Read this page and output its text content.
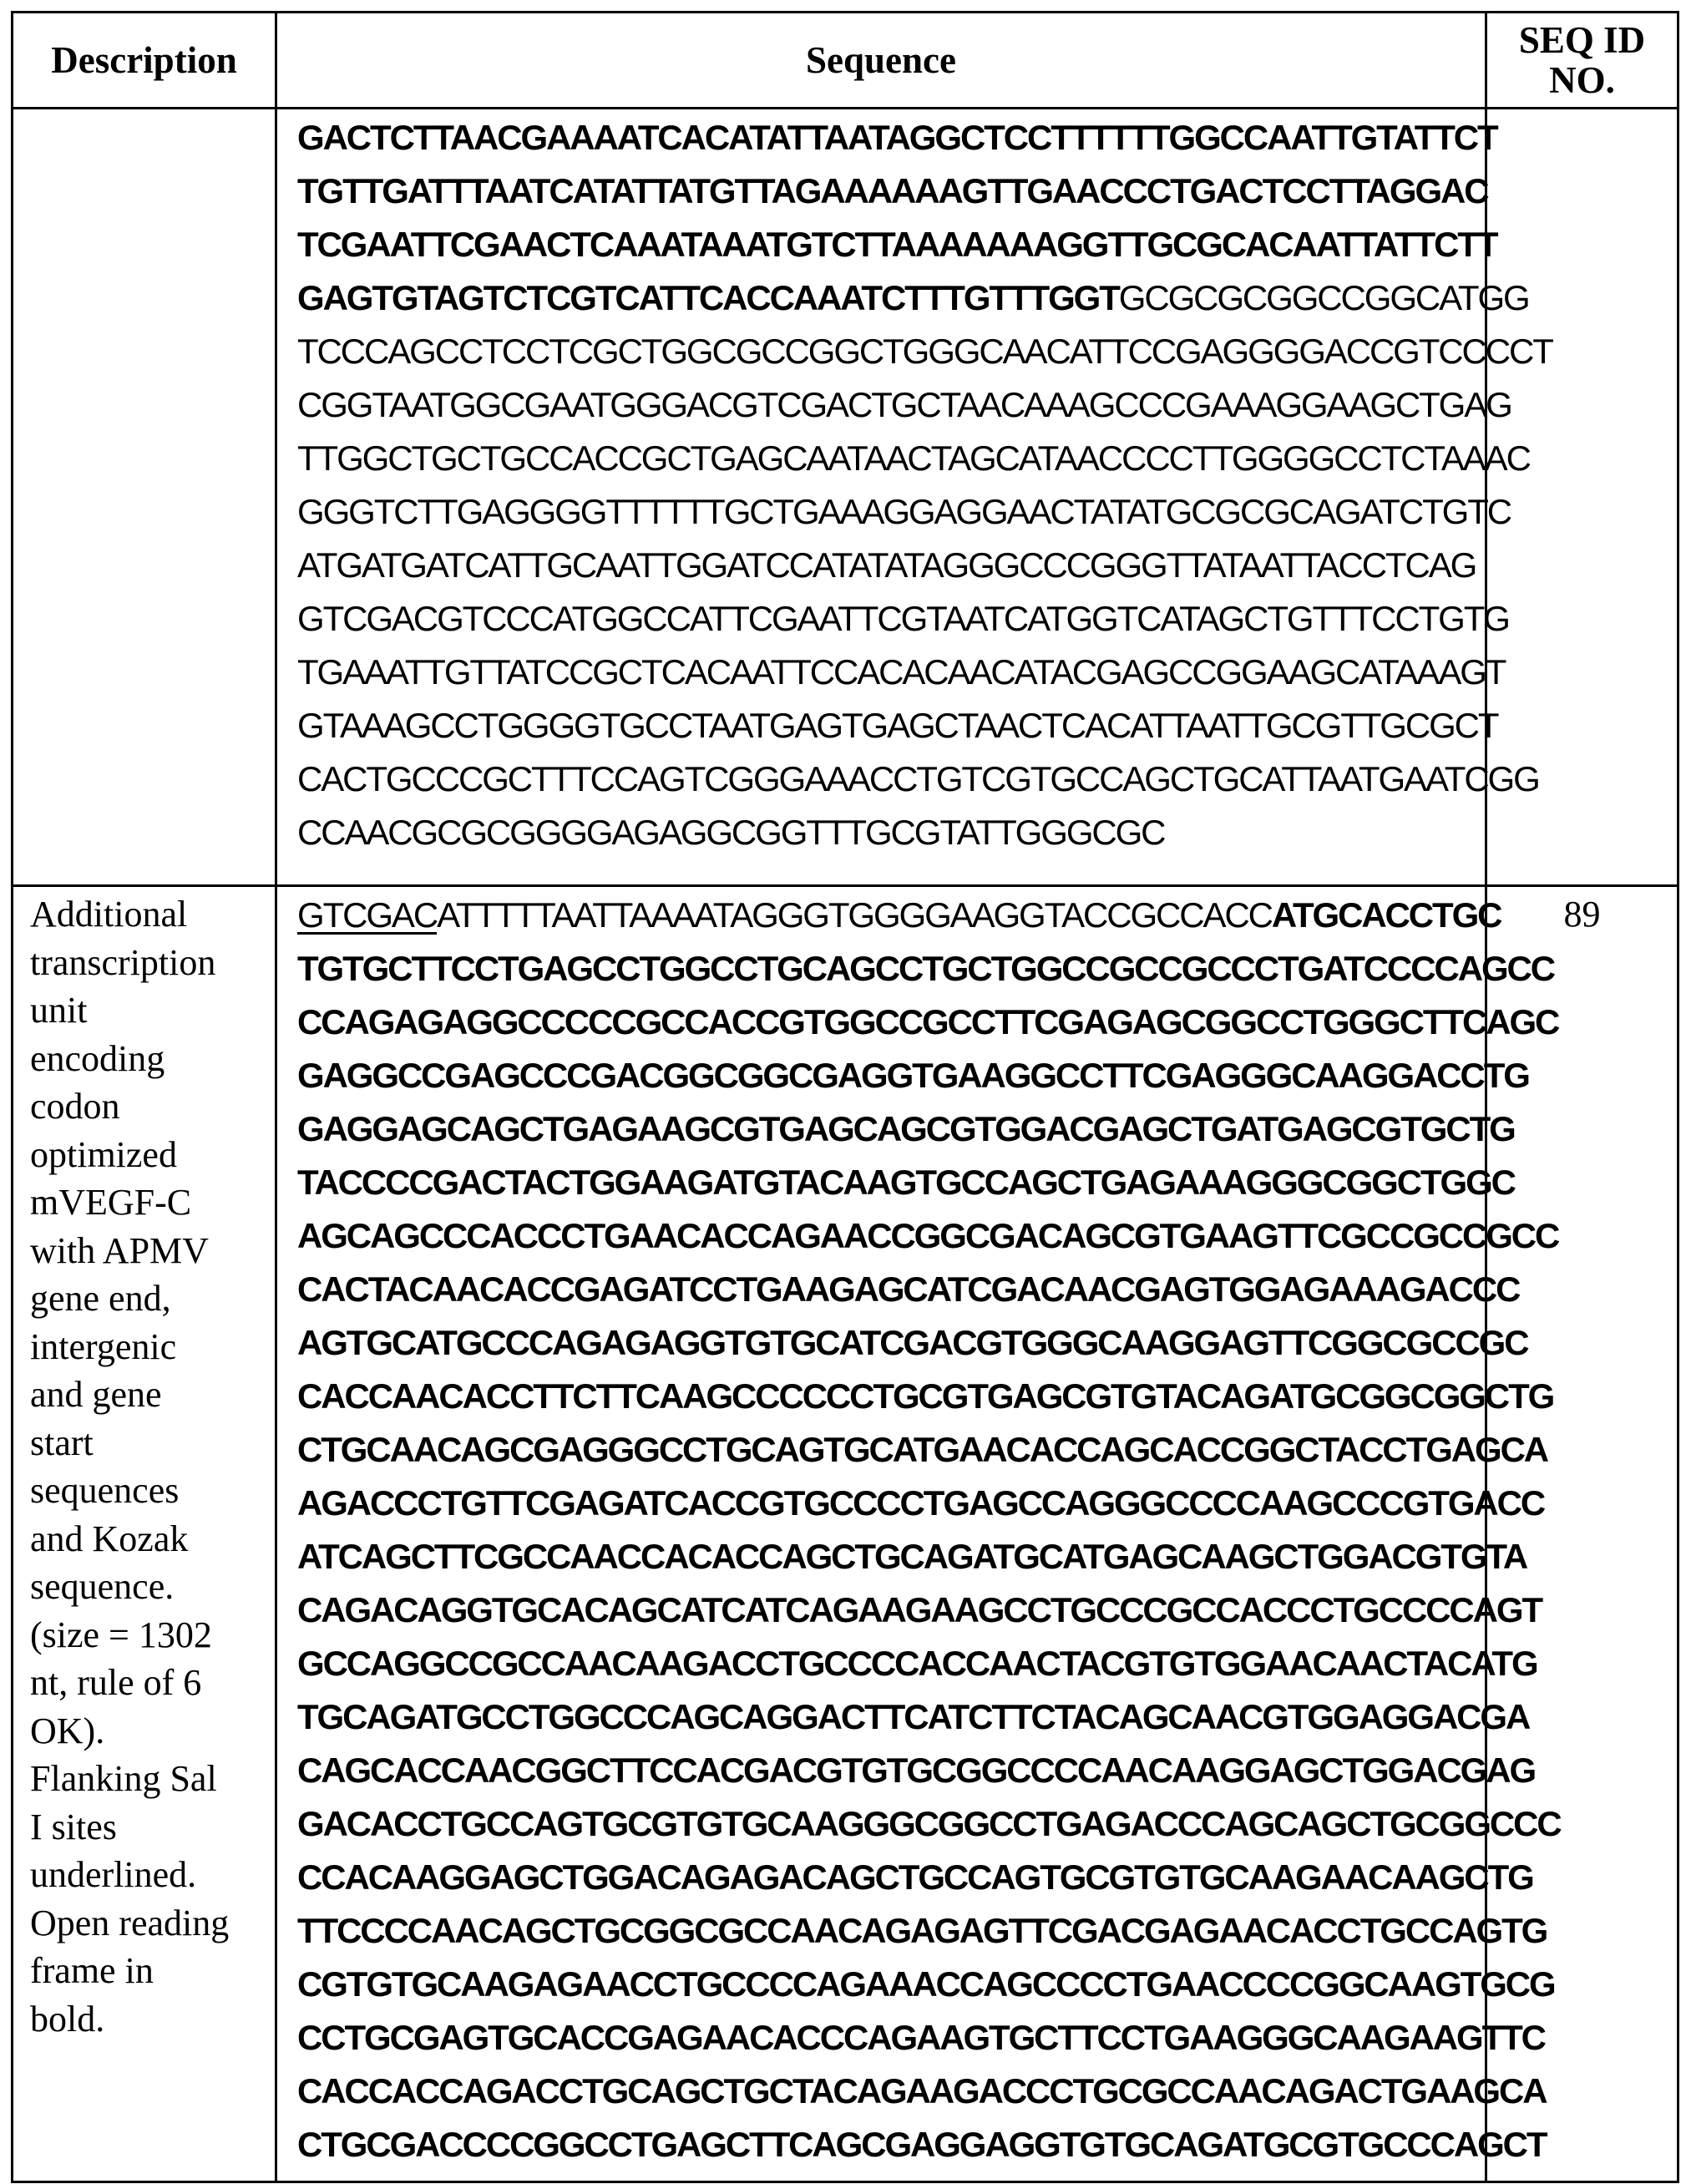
Description	Sequence	SEQ ID
NO.

GACTCTTAACGAAAATCACATATTAATAGGCTCCTTTTTTGGCCAATTGTATTCT
TGTTGATTTAATCATATTATGTTAGAAAAAAGTTGAACCCTGACTCCTTAGGAC
TCGAATTCGAACTCAAATAAATGTCTTAAAAAAAGGTTGCGCACAATTATTCTT
GAGTGTAGTCTCGTCATTCACCAAATCTTTGTTTGGTGCGCGCGGCCGGCATGG
TCCCAGCCTCCTCGCTGGCGCCGGCTGGGCAACATTCCGAGGGGACCGTCCCCT
CGGTAATGGCGAATGGGACGTCGACTGCTAACAAAGCCCGAAAGGAAGCTGAG
TTGGCTGCTGCCACCGCTGAGCAATAACTAGCATAACCCCTTGGGGCCTCTAAAC
GGGTCTTGAGGGGTTTTTTGCTGAAAGGAGGAACTATATGCGCGCAGATCTGTC
ATGATGATCATTGCAATTGGATCCATATATAGGGCCCGGGTTATAATTACCTCAG
GTCGACGTCCCATGGCCATTCGAATTCGTAATCATGGTCATAGCTGTTTCCTGTG
TGAAATTGTTATCCGCTCACAATTCCACACAACATACGAGCCGGAAGCATAAAGT
GTAAAGCCTGGGGTGCCTAATGAGTGAGCTAACTCACATTAATTGCGTTGCGCT
CACTGCCCGCTTTCCAGTCGGGAAACCTGTCGTGCCAGCTGCATTAATGAATCGG
CCAACGCGCGGGGAGAGGCGGTTTGCGTATTGGGCGC

Additional
transcription
unit
encoding
codon
optimized
mVEGF-C
with APMV
gene end,
intergenic
and gene
start
sequences
and Kozak
sequence.
(size = 1302
nt, rule of 6
OK).
Flanking Sal
I sites
underlined.
Open reading
frame in
bold.

GTCGACATTTTTAATTAAAATAGGGTGGGGAAGGTACCGCCACCATGCACCTGC
TGTGCTTCCTGAGCCTGGCCTGCAGCCTGCTGGCCGCCGCCCTGATCCCCAGCC
CCAGAGAGGCCCCCGCCACCGTGGCCGCCTTCGAGAGCGGCCTGGGCTTCAGC
GAGGCCGAGCCCGACGGCGGCGAGGTGAAGGCCTTCGAGGGCAAGGACCTG
GAGGAGCAGCTGAGAAGCGTGAGCAGCGTGGACGAGCTGATGAGCGTGCTG
TACCCCGACTACTGGAAGATGTACAAGTGCCAGCTGAGAAAGGGCGGCTGGC
AGCAGCCCACCCTGAACACCAGAACCGGCGACAGCGTGAAGTTCGCCGCCGCC
CACTACAACACCGAGATCCTGAAGAGCATCGACAACGAGTGGAGAAAGACCC
AGTGCATGCCCAGAGAGGTGTGCATCGACGTGGGCAAGGAGTTCGGCGCCGC
CACCAACACCTTCTTCAAGCCCCCCTGCGTGAGCGTGTACAGATGCGGCGGCTG
CTGCAACAGCGAGGGCCTGCAGTGCATGAACACCAGCACCGGCTACCTGAGCA
AGACCCTGTTCGAGATCACCGTGCCCCTGAGCCAGGGCCCCAAGCCCGTGACC
ATCAGCTTCGCCAACCACACCAGCTGCAGATGCATGAGCAAGCTGGACGTGTA
CAGACAGGTGCACAGCATCATCAGAAGAAGCCTGCCCGCCACCCTGCCCCAGT
GCCAGGCCGCCAACAAGACCTGCCCCACCAACTACGTGTGGAACAACTACATG
TGCAGATGCCTGGCCCAGCAGGACTTCATCTTCTACAGCAACGTGGAGGACGA
CAGCACCAACGGCTTCCACGACGTGTGCGGCCCCAACAAGGAGCTGGACGAG
GACACCTGCCAGTGCGTGTGCAAGGGCGGCCTGAGACCCAGCAGCTGCGGCCC
CCACAAGGAGCTGGACAGAGACAGCTGCCAGTGCGTGTGCAAGAACAAGCTG
TTCCCCAACAGCTGCGGCGCCAACAGAGAGTTCGACGAGAACACCTGCCAGTG
CGTGTGCAAGAGAACCTGCCCCAGAAACCAGCCCCTGAACCCCGGCAAGTGCG
CCTGCGAGTGCACCGAGAACACCCAGAAGTGCTTCCTGAAGGGCAAGAAGTTC
CACCACCAGACCTGCAGCTGCTACAGAAGACCCTGCGCCAACAGACTGAAGCA
CTGCGACCCCGGCCTGAGCTTCAGCGAGGAGGTGTGCAGATGCGTGCCCAGCT
	89
